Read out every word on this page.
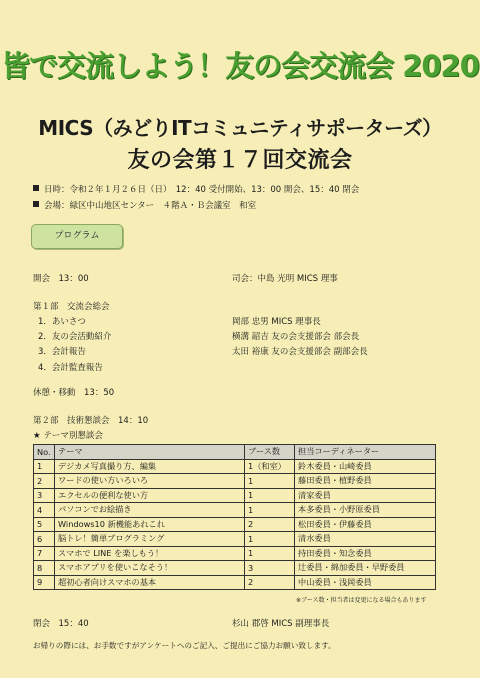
皆で交流しよう！友の会交流会 2020
MICS（みどりITコミュニティサポーターズ）
友の会第１７回交流会
日時：令和２年１月２６日（日）　12：40 受付開始、13：00 開会、15：40 閉会
会場：緑区中山地区センター　４階Ａ・Ｂ会議室　和室
プログラム
開会　13：00	司会：中島 光明 MICS 理事
第１部　交流会総会
1．あいさつ	岡部 忠男 MICS 理事長
2．友の会活動紹介	横溝 韶吉 友の会支援部会 部会長
3．会計報告	太田 裕康 友の会支援部会 副部会長
4．会計監査報告
休憩・移動　13：50
第２部　技術懇談会　14：10
★ テーマ別懇談会
No.	テーマ	ブース数	担当コーディネーター
1	デジカメ写真撮り方、編集	1（和室）	鈴木委員・山崎委員
2	ワードの使い方いろいろ	1	藤田委員・植野委員
3	エクセルの便利な使い方	1	清家委員
4	パソコンでお絵描き	1	本多委員・小野原委員
5	Windows10 新機能あれこれ	2	松田委員・伊藤委員
6	脳トレ！簡単プログラミング	1	清水委員
7	スマホで LINE を楽しもう！	1	持田委員・知念委員
8	スマホアプリを使いこなそう！	3	辻委員・綿加委員・早野委員
9	超初心者向けスマホの基本	2	中山委員・浅岡委員
※ブース数・担当者は変更になる場合もあります
閉会　15：40	杉山 郡啓 MICS 副理事長
お帰りの際には、お手数ですがアンケートへのご記入、ご提出にご協力お願い致します。
